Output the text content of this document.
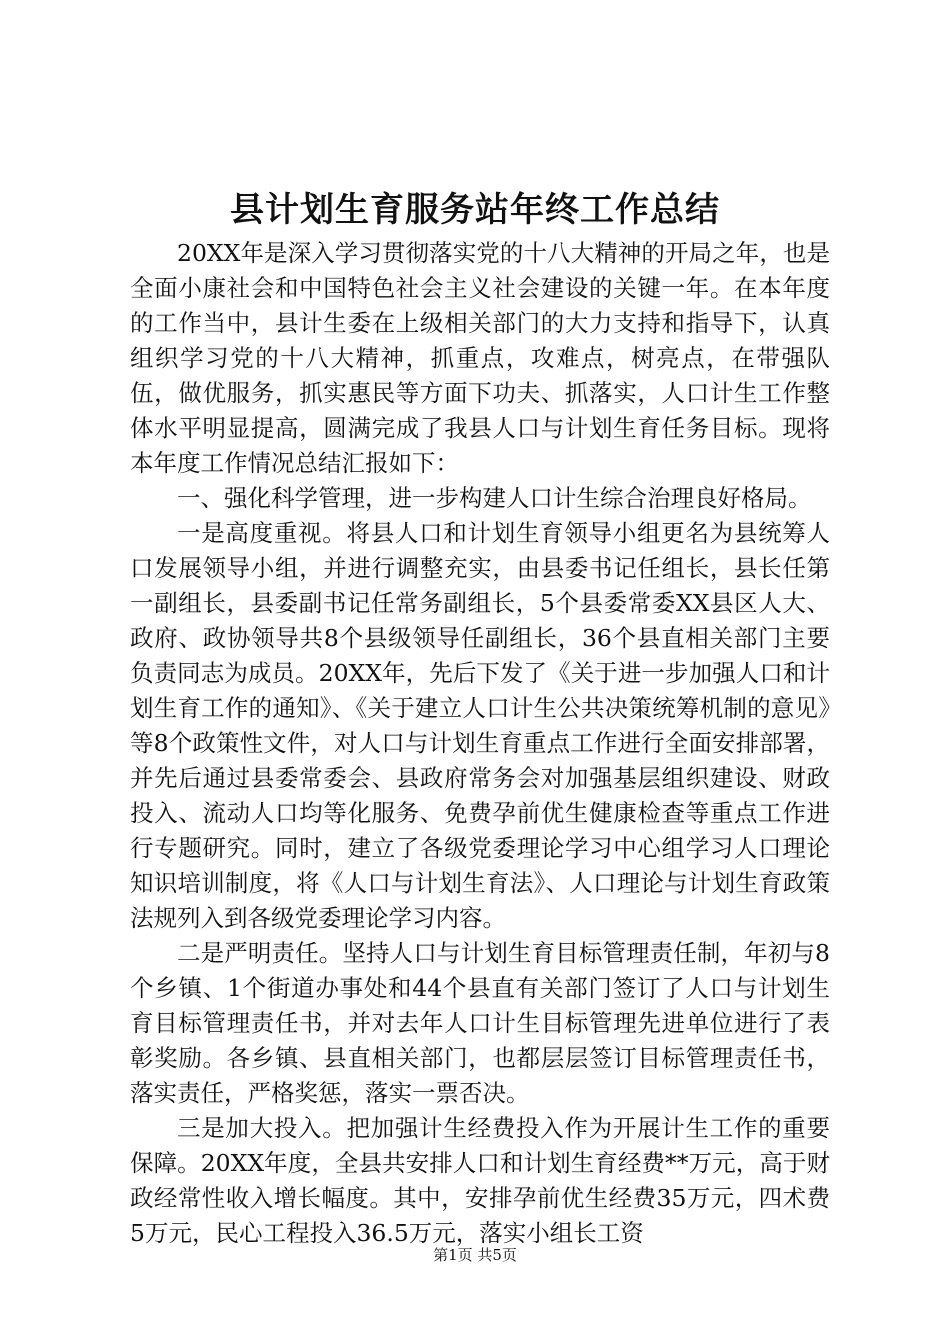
县计划生育服务站年终工作总结

20XX年是深入学习贯彻落实党的十八大精神的开局之年，也是全面小康社会和中国特色社会主义社会建设的关键一年。在本年度的工作当中，县计生委在上级相关部门的大力支持和指导下，认真组织学习党的十八大精神，抓重点，攻难点，树亮点，在带强队伍，做优服务，抓实惠民等方面下功夫、抓落实，人口计生工作整体水平明显提高，圆满完成了我县人口与计划生育任务目标。现将本年度工作情况总结汇报如下：

一、强化科学管理，进一步构建人口计生综合治理良好格局。

一是高度重视。将县人口和计划生育领导小组更名为县统筹人口发展领导小组，并进行调整充实，由县委书记任组长，县长任第一副组长，县委副书记任常务副组长，5个县委常委XX县区人大、政府、政协领导共8个县级领导任副组长，36个县直相关部门主要负责同志为成员。20XX年，先后下发了《关于进一步加强人口和计划生育工作的通知》、《关于建立人口计生公共决策统筹机制的意见》等8个政策性文件，对人口与计划生育重点工作进行全面安排部署，并先后通过县委常委会、县政府常务会对加强基层组织建设、财政投入、流动人口均等化服务、免费孕前优生健康检查等重点工作进行专题研究。同时，建立了各级党委理论学习中心组学习人口理论知识培训制度，将《人口与计划生育法》、人口理论与计划生育政策法规列入到各级党委理论学习内容。

二是严明责任。坚持人口与计划生育目标管理责任制，年初与8个乡镇、1个街道办事处和44个县直有关部门签订了人口与计划生育目标管理责任书，并对去年人口计生目标管理先进单位进行了表彰奖励。各乡镇、县直相关部门，也都层层签订目标管理责任书，落实责任，严格奖惩，落实一票否决。

三是加大投入。把加强计生经费投入作为开展计生工作的重要保障。20XX年度，全县共安排人口和计划生育经费**万元，高于财政经常性收入增长幅度。其中，安排孕前优生经费35万元，四术费5万元，民心工程投入36.5万元，落实小组长工资

第1页 共5页
